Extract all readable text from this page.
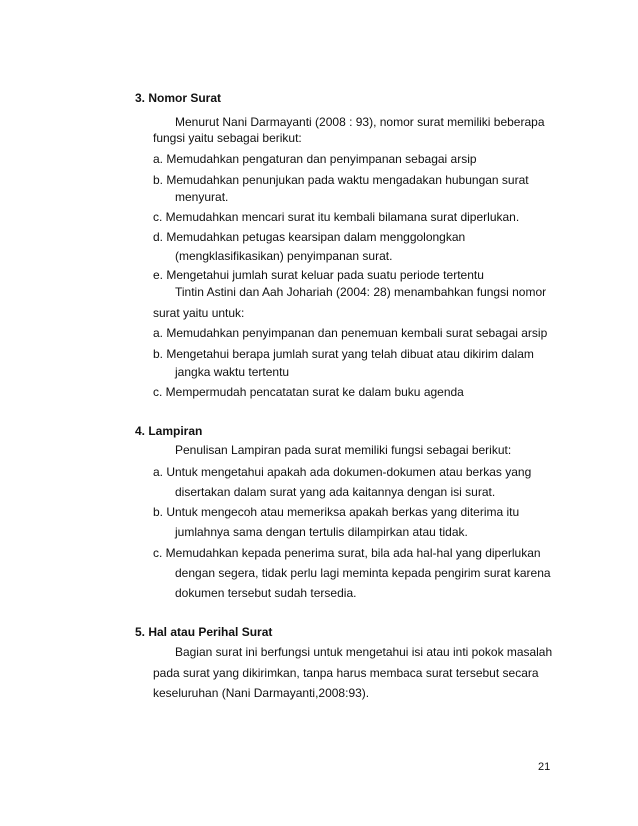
3. Nomor Surat
Menurut Nani Darmayanti (2008 : 93), nomor surat memiliki beberapa
fungsi yaitu sebagai berikut:
a. Memudahkan pengaturan dan penyimpanan sebagai arsip
b. Memudahkan penunjukan pada waktu mengadakan hubungan surat
menyurat.
c. Memudahkan mencari surat itu kembali bilamana surat diperlukan.
d. Memudahkan petugas kearsipan dalam menggolongkan
(mengklasifikasikan) penyimpanan surat.
e. Mengetahui jumlah surat keluar pada suatu periode tertentu
Tintin Astini dan Aah Johariah (2004: 28) menambahkan fungsi nomor
surat yaitu untuk:
a. Memudahkan penyimpanan dan penemuan kembali surat sebagai arsip
b. Mengetahui berapa jumlah surat yang telah dibuat atau dikirim dalam
jangka waktu tertentu
c. Mempermudah pencatatan surat ke dalam buku agenda
4. Lampiran
Penulisan Lampiran pada surat memiliki fungsi sebagai berikut:
a. Untuk mengetahui apakah ada dokumen-dokumen atau berkas yang
disertakan dalam surat yang ada kaitannya dengan isi surat.
b. Untuk mengecoh atau memeriksa apakah berkas yang diterima itu
jumlahnya sama dengan tertulis dilampirkan atau tidak.
c. Memudahkan kepada penerima surat, bila ada hal-hal yang diperlukan
dengan segera, tidak perlu lagi meminta kepada pengirim surat karena
dokumen tersebut sudah tersedia.
5. Hal atau Perihal Surat
Bagian surat ini berfungsi untuk mengetahui isi atau inti pokok masalah
pada surat yang dikirimkan, tanpa harus membaca surat tersebut secara
keseluruhan (Nani Darmayanti,2008:93).
21
